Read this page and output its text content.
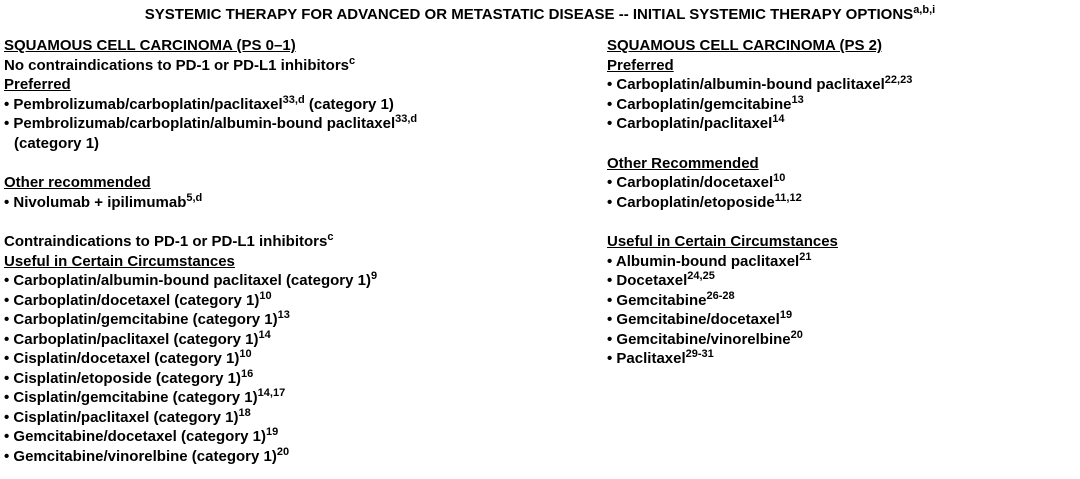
SYSTEMIC THERAPY FOR ADVANCED OR METASTATIC DISEASE -- INITIAL SYSTEMIC THERAPY OPTIONS$^{a,b,i}$
SQUAMOUS CELL CARCINOMA (PS 0–1)
No contraindications to PD-1 or PD-L1 inhibitors$^c$
Preferred
• Pembrolizumab/carboplatin/paclitaxel$^{33,d}$ (category 1)
• Pembrolizumab/carboplatin/albumin-bound paclitaxel$^{33,d}$
(category 1)
Other recommended
• Nivolumab + ipilimumab$^{5,d}$
Contraindications to PD-1 or PD-L1 inhibitors$^c$
Useful in Certain Circumstances
• Carboplatin/albumin-bound paclitaxel (category 1)$^9$
• Carboplatin/docetaxel (category 1)$^{10}$
• Carboplatin/gemcitabine (category 1)$^{13}$
• Carboplatin/paclitaxel (category 1)$^{14}$
• Cisplatin/docetaxel (category 1)$^{10}$
• Cisplatin/etoposide (category 1)$^{16}$
• Cisplatin/gemcitabine (category 1)$^{14,17}$
• Cisplatin/paclitaxel (category 1)$^{18}$
• Gemcitabine/docetaxel (category 1)$^{19}$
• Gemcitabine/vinorelbine (category 1)$^{20}$
SQUAMOUS CELL CARCINOMA (PS 2)
Preferred
• Carboplatin/albumin-bound paclitaxel$^{22,23}$
• Carboplatin/gemcitabine$^{13}$
• Carboplatin/paclitaxel$^{14}$
Other Recommended
• Carboplatin/docetaxel$^{10}$
• Carboplatin/etoposide$^{11,12}$
Useful in Certain Circumstances
• Albumin-bound paclitaxel$^{21}$
• Docetaxel$^{24,25}$
• Gemcitabine$^{26-28}$
• Gemcitabine/docetaxel$^{19}$
• Gemcitabine/vinorelbine$^{20}$
• Paclitaxel$^{29-31}$
